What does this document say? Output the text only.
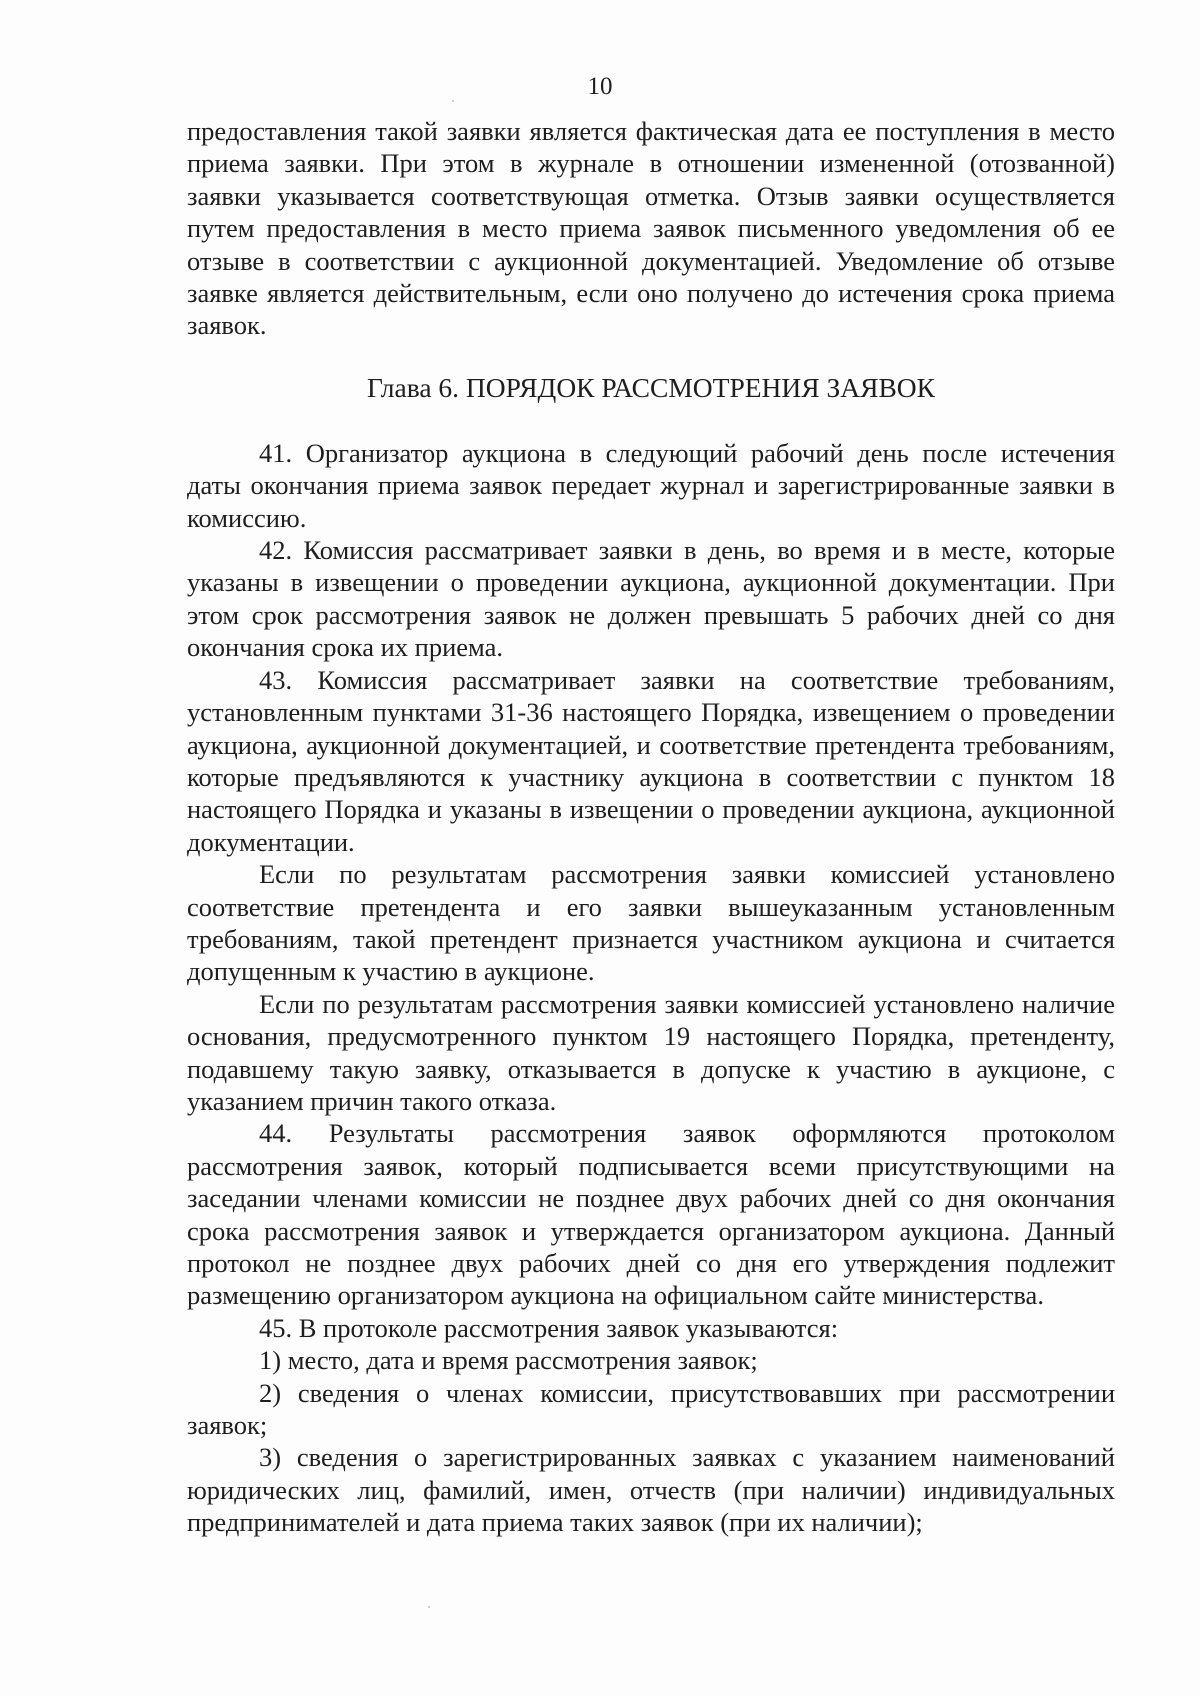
10

предоставления такой заявки является фактическая дата ее поступления в место приема заявки. При этом в журнале в отношении измененной (отозванной) заявки указывается соответствующая отметка. Отзыв заявки осуществляется путем предоставления в место приема заявок письменного уведомления об ее отзыве в соответствии с аукционной документацией. Уведомление об отзыве заявке является действительным, если оно получено до истечения срока приема заявок.

Глава 6. ПОРЯДОК РАССМОТРЕНИЯ ЗАЯВОК

41. Организатор аукциона в следующий рабочий день после истечения даты окончания приема заявок передает журнал и зарегистрированные заявки в комиссию.

42. Комиссия рассматривает заявки в день, во время и в месте, которые указаны в извещении о проведении аукциона, аукционной документации. При этом срок рассмотрения заявок не должен превышать 5 рабочих дней со дня окончания срока их приема.

43. Комиссия рассматривает заявки на соответствие требованиям, установленным пунктами 31-36 настоящего Порядка, извещением о проведении аукциона, аукционной документацией, и соответствие претендента требованиям, которые предъявляются к участнику аукциона в соответствии с пунктом 18 настоящего Порядка и указаны в извещении о проведении аукциона, аукционной документации.

Если по результатам рассмотрения заявки комиссией установлено соответствие претендента и его заявки вышеуказанным установленным требованиям, такой претендент признается участником аукциона и считается допущенным к участию в аукционе.

Если по результатам рассмотрения заявки комиссией установлено наличие основания, предусмотренного пунктом 19 настоящего Порядка, претенденту, подавшему такую заявку, отказывается в допуске к участию в аукционе, с указанием причин такого отказа.

44. Результаты рассмотрения заявок оформляются протоколом рассмотрения заявок, который подписывается всеми присутствующими на заседании членами комиссии не позднее двух рабочих дней со дня окончания срока рассмотрения заявок и утверждается организатором аукциона. Данный протокол не позднее двух рабочих дней со дня его утверждения подлежит размещению организатором аукциона на официальном сайте министерства.

45. В протоколе рассмотрения заявок указываются:

1) место, дата и время рассмотрения заявок;

2) сведения о членах комиссии, присутствовавших при рассмотрении заявок;

3) сведения о зарегистрированных заявках с указанием наименований юридических лиц, фамилий, имен, отчеств (при наличии) индивидуальных предпринимателей и дата приема таких заявок (при их наличии);
